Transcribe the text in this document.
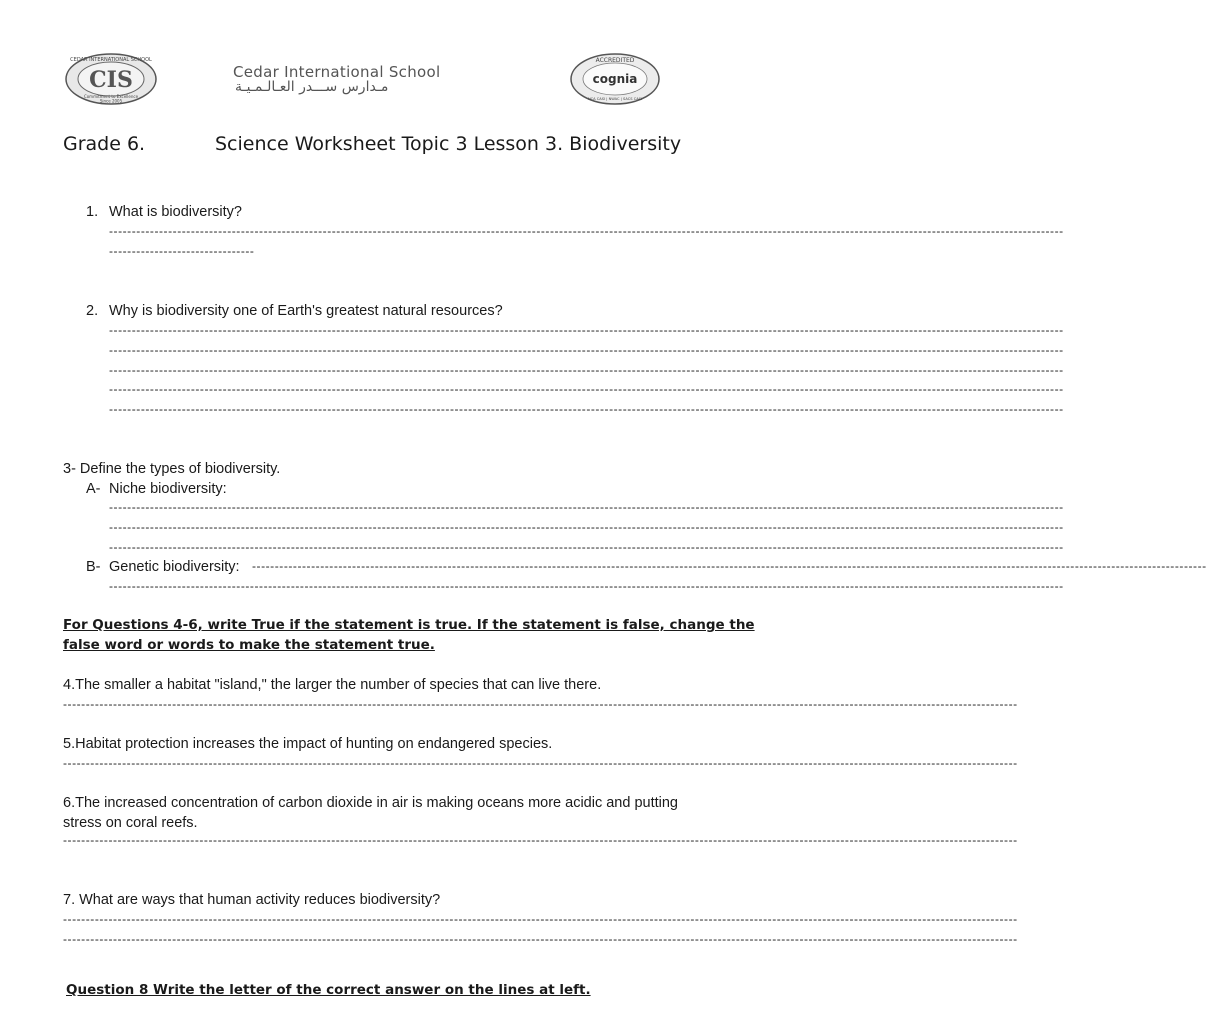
CIS
CEDAR INTERNATIONAL SCHOOL
Commitment to Excellence
Since 2005
Cedar International School
مـدارس ســـدر العـالـمـيـة
ACCREDITED
cognia
NCA CASI | NWAC | SACS CASI
Grade 6.	Science Worksheet Topic 3 Lesson 3. Biodiversity
1. What is biodiversity?
------------------------------------------------------------------------------------------------------------------------------------------------------------------------------------------------------------------
--------------------------------
2. Why is biodiversity one of Earth's greatest natural resources?
------------------------------------------------------------------------------------------------------------------------------------------------------------------------------------------------------------------
------------------------------------------------------------------------------------------------------------------------------------------------------------------------------------------------------------------
------------------------------------------------------------------------------------------------------------------------------------------------------------------------------------------------------------------
------------------------------------------------------------------------------------------------------------------------------------------------------------------------------------------------------------------
------------------------------------------------------------------------------------------------------------------------------------------------------------------------------------------------------------------
3- Define the types of biodiversity.
A- Niche biodiversity:
------------------------------------------------------------------------------------------------------------------------------------------------------------------------------------------------------------------
------------------------------------------------------------------------------------------------------------------------------------------------------------------------------------------------------------------
------------------------------------------------------------------------------------------------------------------------------------------------------------------------------------------------------------------
B- Genetic biodiversity: ------------------------------------------------------------------------------------------------------------------------------------------------------------------------------------------------------------------
------------------------------------------------------------------------------------------------------------------------------------------------------------------------------------------------------------------
For Questions 4-6, write True if the statement is true. If the statement is false, change the
false word or words to make the statement true.
4.The smaller a habitat "island," the larger the number of species that can live there.
------------------------------------------------------------------------------------------------------------------------------------------------------------------------------------------------------------------
5.Habitat protection increases the impact of hunting on endangered species.
------------------------------------------------------------------------------------------------------------------------------------------------------------------------------------------------------------------
6.The increased concentration of carbon dioxide in air is making oceans more acidic and putting
stress on coral reefs.
------------------------------------------------------------------------------------------------------------------------------------------------------------------------------------------------------------------
7. What are ways that human activity reduces biodiversity?
------------------------------------------------------------------------------------------------------------------------------------------------------------------------------------------------------------------
------------------------------------------------------------------------------------------------------------------------------------------------------------------------------------------------------------------
Question 8 Write the letter of the correct answer on the lines at left.
